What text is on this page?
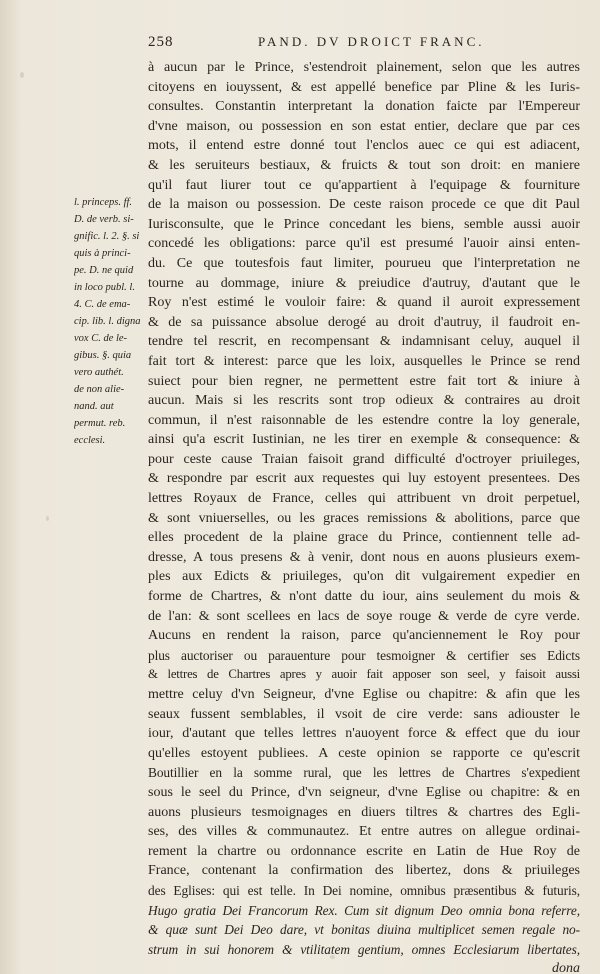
258	PAND. DV DROICT FRANC.
l. princeps. ff.
D. de verb. si-
gnific. l. 2. §. si
quis à princi-
pe. D. ne quid
in loco publ. l.
4. C. de ema-
cip. lib. l. digna
vox C. de le-
gibus. §. quia
vero authét.
de non alie-
nand. aut
permut. reb.
ecclesi.
à aucun par le Prince, s'estendroit plainement, selon que les autres
citoyens en iouyssent, & est appellé benefice par Pline & les Iuris-
consultes. Constantin interpretant la donation faicte par l'Empereur
d'vne maison, ou possession en son estat entier, declare que par ces
mots, il entend estre donné tout l'enclos auec ce qui est adiacent,
& les seruiteurs bestiaux, & fruicts & tout son droit: en maniere
qu'il faut liurer tout ce qu'appartient à l'equipage & fourniture
de la maison ou possession. De ceste raison procede ce que dit Paul
Iurisconsulte, que le Prince concedant les biens, semble aussi auoir
concedé les obligations: parce qu'il est presumé l'auoir ainsi enten-
du. Ce que toutesfois faut limiter, pourueu que l'interpretation ne
tourne au dommage, iniure & preiudice d'autruy, d'autant que le
Roy n'est estimé le vouloir faire: & quand il auroit expressement
& de sa puissance absolue derogé au droit d'autruy, il faudroit en-
tendre tel rescrit, en recompensant & indamnisant celuy, auquel il
fait tort & interest: parce que les loix, ausquelles le Prince se rend
suiect pour bien regner, ne permettent estre fait tort & iniure à
aucun. Mais si les rescrits sont trop odieux & contraires au droit
commun, il n'est raisonnable de les estendre contre la loy generale,
ainsi qu'a escrit Iustinian, ne les tirer en exemple & consequence: &
pour ceste cause Traian faisoit grand difficulté d'octroyer priuileges,
& respondre par escrit aux requestes qui luy estoyent presentees. Des
lettres Royaux de France, celles qui attribuent vn droit perpetuel,
& sont vniuerselles, ou les graces remissions & abolitions, parce que
elles procedent de la plaine grace du Prince, contiennent telle ad-
dresse, A tous presens & à venir, dont nous en auons plusieurs exem-
ples aux Edicts & priuileges, qu'on dit vulgairement expedier en
forme de Chartres, & n'ont datte du iour, ains seulement du mois &
de l'an: & sont scellees en lacs de soye rouge & verde de cyre verde.
Aucuns en rendent la raison, parce qu'anciennement le Roy pour
plus auctoriser ou parauenture pour tesmoigner & certifier ses Edicts
& lettres de Chartres apres y auoir fait apposer son seel, y faisoit aussi
mettre celuy d'vn Seigneur, d'vne Eglise ou chapitre: & afin que les
seaux fussent semblables, il vsoit de cire verde: sans adiouster le
iour, d'autant que telles lettres n'auoyent force & effect que du iour
qu'elles estoyent publiees. A ceste opinion se rapporte ce qu'escrit
Boutillier en la somme rural, que les lettres de Chartres s'expedient
sous le seel du Prince, d'vn seigneur, d'vne Eglise ou chapitre: & en
auons plusieurs tesmoignages en diuers tiltres & chartres des Egli-
ses, des villes & communautez. Et entre autres on allegue ordinai-
rement la chartre ou ordonnance escrite en Latin de Hue Roy de
France, contenant la confirmation des libertez, dons & priuileges
des Eglises: qui est telle. In Dei nomine, omnibus præsentibus & futuris,
Hugo gratia Dei Francorum Rex. Cum sit dignum Deo omnia bona referre,
& quæ sunt Dei Deo dare, vt bonitas diuina multiplicet semen regale no-
strum in sui honorem & vtilitatem gentium, omnes Ecclesiarum libertates,
dona
